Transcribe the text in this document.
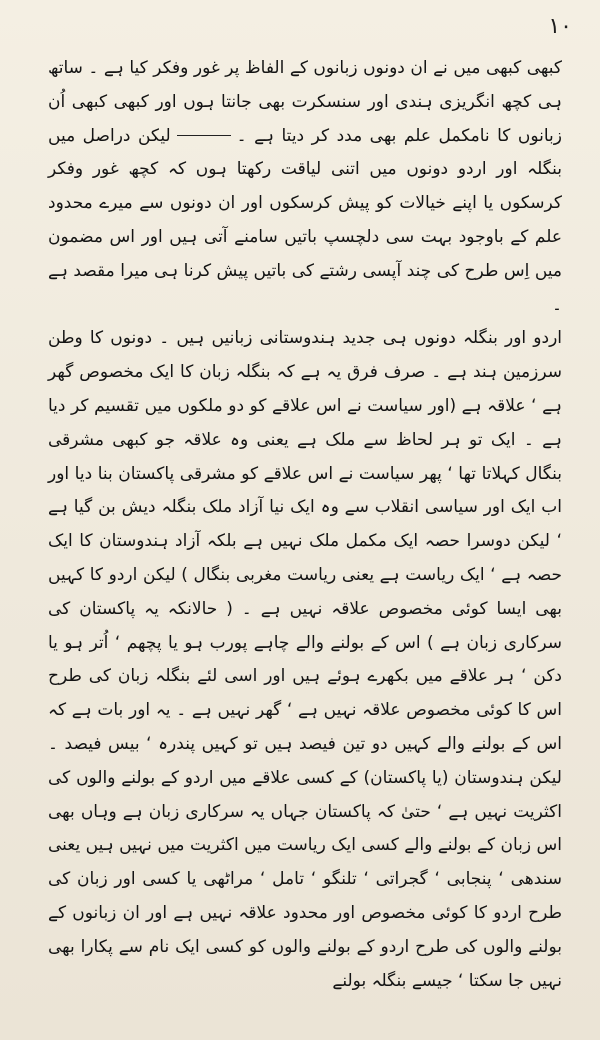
١٠

کبھی کبھی میں نے ان دونوں زبانوں کے الفاظ پر غور وفکر کیا ہے ۔ ساتھ ہی کچھ انگریزی ہندی اور سنسکرت بھی جانتا ہوں اور کبھی کبھی اُن زبانوں کا نامکمل علم بھی مدد کر دیتا ہے ۔لیکن دراصل میں بنگلہ اور اردو دونوں میں اتنی لیاقت رکھتا ہوں کہ کچھ غور وفکر کرسکوں یا اپنے خیالات کو پیش کرسکوں اور ان دونوں سے میرے محدود علم کے باوجود بہت سی دلچسپ باتیں سامنے آتی ہیں اور اس مضمون میں اِس طرح کی چند آپسی رشتے کی باتیں پیش کرنا ہی میرا مقصد ہے ۔

اردو اور بنگلہ دونوں ہی جدید ہندوستانی زبانیں ہیں ۔ دونوں کا وطن سرزمین ہند ہے ۔ صرف فرق یہ ہے کہ بنگلہ زبان کا ایک مخصوص گھر ہے ‘ علاقہ ہے (اور سیاست نے اس علاقے کو دو ملکوں میں تقسیم کر دیا ہے ۔ ایک تو ہر لحاظ سے ملک ہے یعنی وہ علاقہ جو کبھی مشرقی بنگال کہلاتا تھا ‘ پھر سیاست نے اس علاقے کو مشرقی پاکستان بنا دیا اور اب ایک اور سیاسی انقلاب سے وہ ایک نیا آزاد ملک بنگلہ دیش بن گیا ہے ‘ لیکن دوسرا حصہ ایک مکمل ملک نہیں ہے بلکہ آزاد ہندوستان کا ایک حصہ ہے ‘ ایک ریاست ہے یعنی ریاست مغربی بنگال ) لیکن اردو کا کہیں بھی ایسا کوئی مخصوص علاقہ نہیں ہے ۔ ( حالانکہ یہ پاکستان کی سرکاری زبان ہے ) اس کے بولنے والے چاہے پورب ہو یا پچھم ‘ اُتر ہو یا دکن ‘ ہر علاقے میں بکھرے ہوئے ہیں اور اسی لئے بنگلہ زبان کی طرح اس کا کوئی مخصوص علاقہ نہیں ہے ‘ گھر نہیں ہے ۔ یہ اور بات ہے کہ اس کے بولنے والے کہیں دو تین فیصد ہیں تو کہیں پندرہ ‘ بیس فیصد ۔ لیکن ہندوستان (یا پاکستان) کے کسی علاقے میں اردو کے بولنے والوں کی اکثریت نہیں ہے ‘ حتیٰ کہ پاکستان جہاں یہ سرکاری زبان ہے وہاں بھی اس زبان کے بولنے والے کسی ایک ریاست میں اکثریت میں نہیں ہیں یعنی سندھی ‘ پنجابی ‘ گجراتی ‘ تلنگو ‘ تامل ‘ مراٹھی یا کسی اور زبان کی طرح اردو کا کوئی مخصوص اور محدود علاقہ نہیں ہے اور ان زبانوں کے بولنے والوں کی طرح اردو کے بولنے والوں کو کسی ایک نام سے پکارا بھی نہیں جا سکتا ‘ جیسے بنگلہ بولنے
